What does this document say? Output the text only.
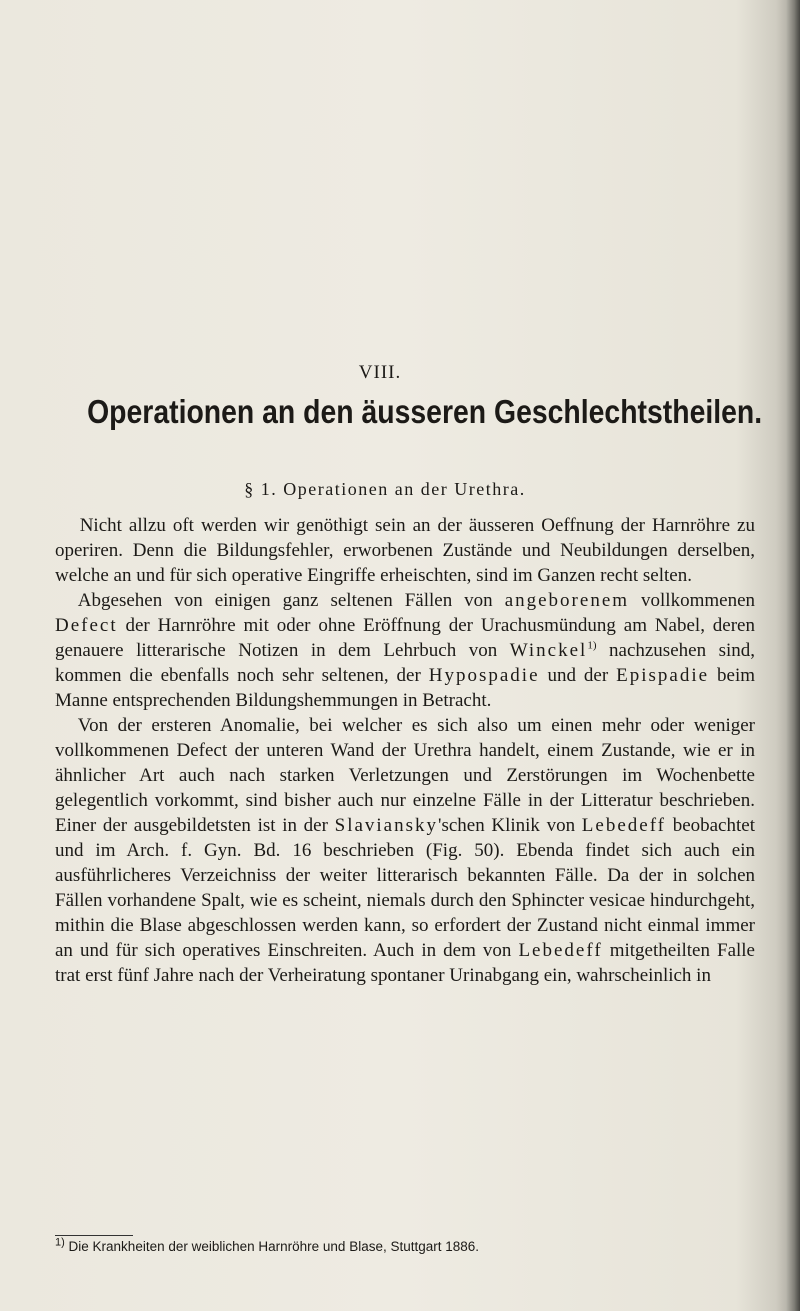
VIII.
Operationen an den äusseren Geschlechtstheilen.
§ 1. Operationen an der Urethra.

Nicht allzu oft werden wir genöthigt sein an der äusseren Oeffnung der Harnröhre zu operiren. Denn die Bildungsfehler, erworbenen Zustände und Neubildungen derselben, welche an und für sich operative Eingriffe erheischten, sind im Ganzen recht selten.

Abgesehen von einigen ganz seltenen Fällen von angeborenem vollkommenen Defect der Harnröhre mit oder ohne Eröffnung der Urachusmündung am Nabel, deren genauere litterarische Notizen in dem Lehrbuch von Winckel$^{1)}$ nachzusehen sind, kommen die ebenfalls noch sehr seltenen, der Hypospadie und der Epispadie beim Manne entsprechenden Bildungshemmungen in Betracht.

Von der ersteren Anomalie, bei welcher es sich also um einen mehr oder weniger vollkommenen Defect der unteren Wand der Urethra handelt, einem Zustande, wie er in ähnlicher Art auch nach starken Verletzungen und Zerstörungen im Wochenbette gelegentlich vorkommt, sind bisher auch nur einzelne Fälle in der Litteratur beschrieben. Einer der ausgebildetsten ist in der Slaviansky'schen Klinik von Lebedeff beobachtet und im Arch. f. Gyn. Bd. 16 beschrieben (Fig. 50). Ebenda findet sich auch ein ausführlicheres Verzeichniss der weiter litterarisch bekannten Fälle. Da der in solchen Fällen vorhandene Spalt, wie es scheint, niemals durch den Sphincter vesicae hindurchgeht, mithin die Blase abgeschlossen werden kann, so erfordert der Zustand nicht einmal immer an und für sich operatives Einschreiten. Auch in dem von Lebedeff mitgetheilten Falle trat erst fünf Jahre nach der Verheiratung spontaner Urinabgang ein, wahrscheinlich in

$^{1)}$ Die Krankheiten der weiblichen Harnröhre und Blase, Stuttgart 1886.
